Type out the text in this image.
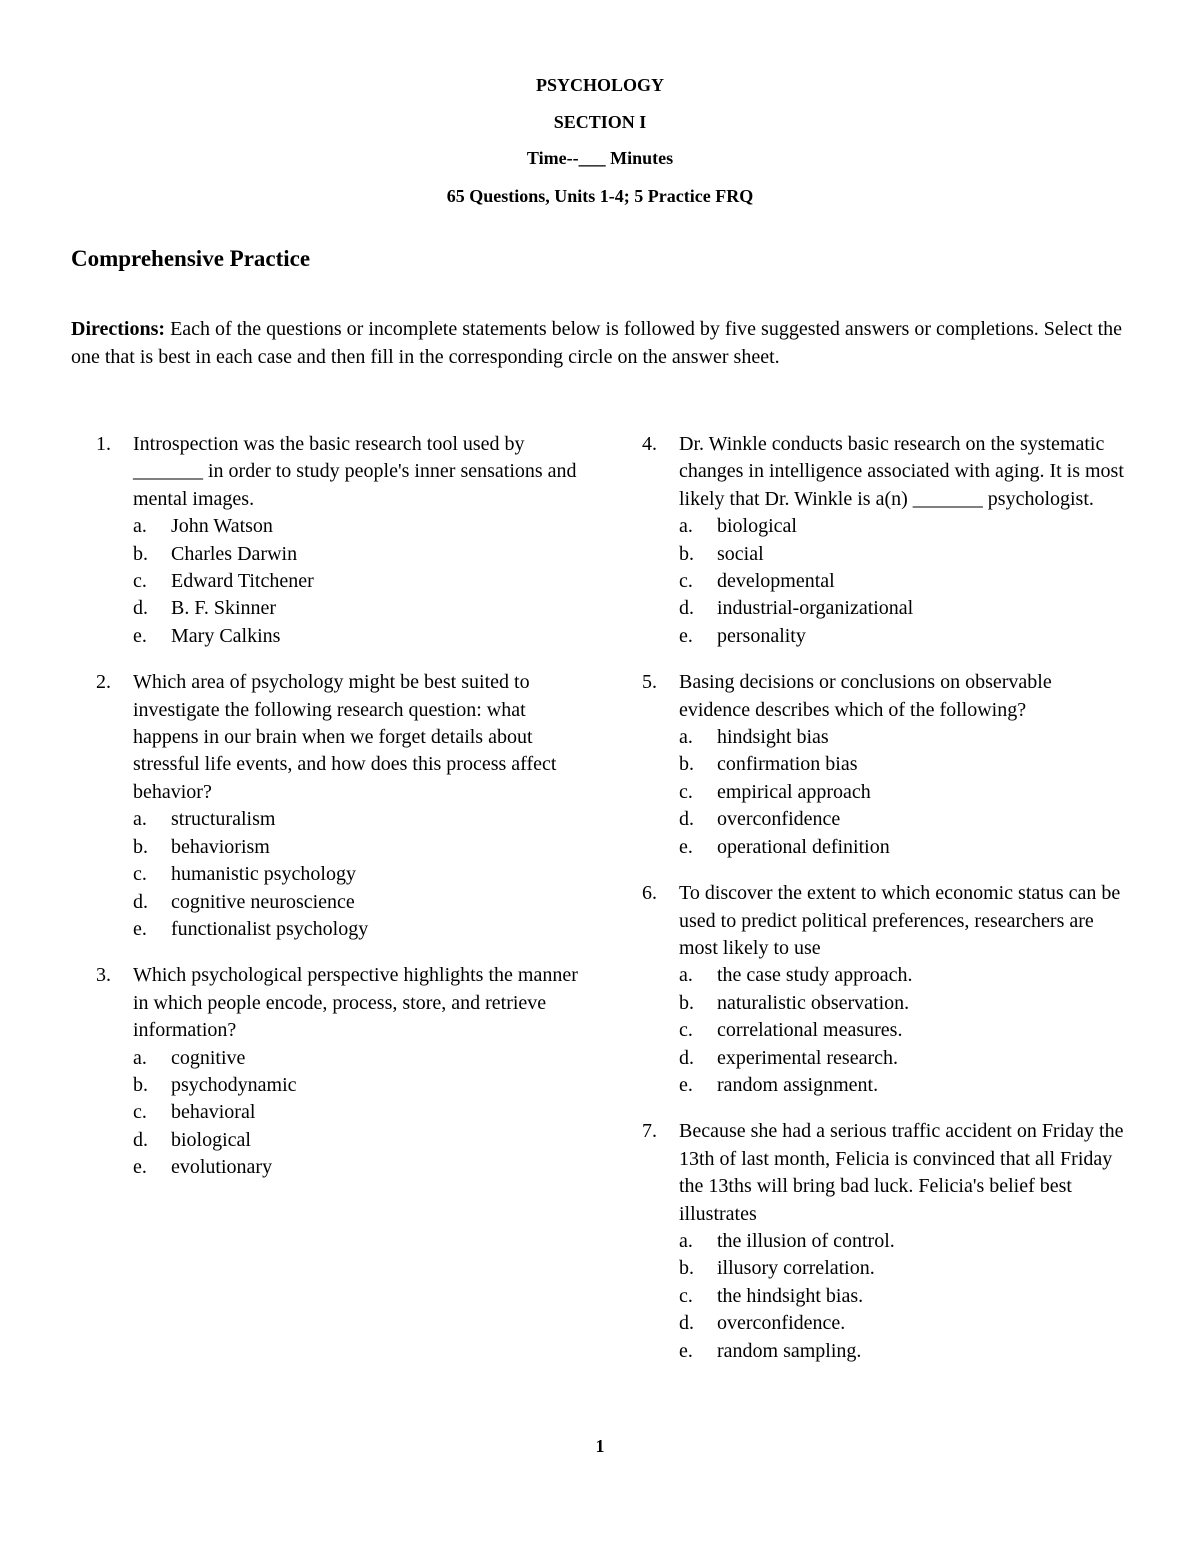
PSYCHOLOGY
SECTION I
Time--___ Minutes
65 Questions, Units 1-4; 5 Practice FRQ
Comprehensive Practice
Directions: Each of the questions or incomplete statements below is followed by five suggested answers or completions. Select the one that is best in each case and then fill in the corresponding circle on the answer sheet.
1. Introspection was the basic research tool used by _______ in order to study people's inner sensations and mental images.
a. John Watson
b. Charles Darwin
c. Edward Titchener
d. B. F. Skinner
e. Mary Calkins
2. Which area of psychology might be best suited to investigate the following research question: what happens in our brain when we forget details about stressful life events, and how does this process affect behavior?
a. structuralism
b. behaviorism
c. humanistic psychology
d. cognitive neuroscience
e. functionalist psychology
3. Which psychological perspective highlights the manner in which people encode, process, store, and retrieve information?
a. cognitive
b. psychodynamic
c. behavioral
d. biological
e. evolutionary
4. Dr. Winkle conducts basic research on the systematic changes in intelligence associated with aging. It is most likely that Dr. Winkle is a(n) _______ psychologist.
a. biological
b. social
c. developmental
d. industrial-organizational
e. personality
5. Basing decisions or conclusions on observable evidence describes which of the following?
a. hindsight bias
b. confirmation bias
c. empirical approach
d. overconfidence
e. operational definition
6. To discover the extent to which economic status can be used to predict political preferences, researchers are most likely to use
a. the case study approach.
b. naturalistic observation.
c. correlational measures.
d. experimental research.
e. random assignment.
7. Because she had a serious traffic accident on Friday the 13th of last month, Felicia is convinced that all Friday the 13ths will bring bad luck. Felicia's belief best illustrates
a. the illusion of control.
b. illusory correlation.
c. the hindsight bias.
d. overconfidence.
e. random sampling.
1
